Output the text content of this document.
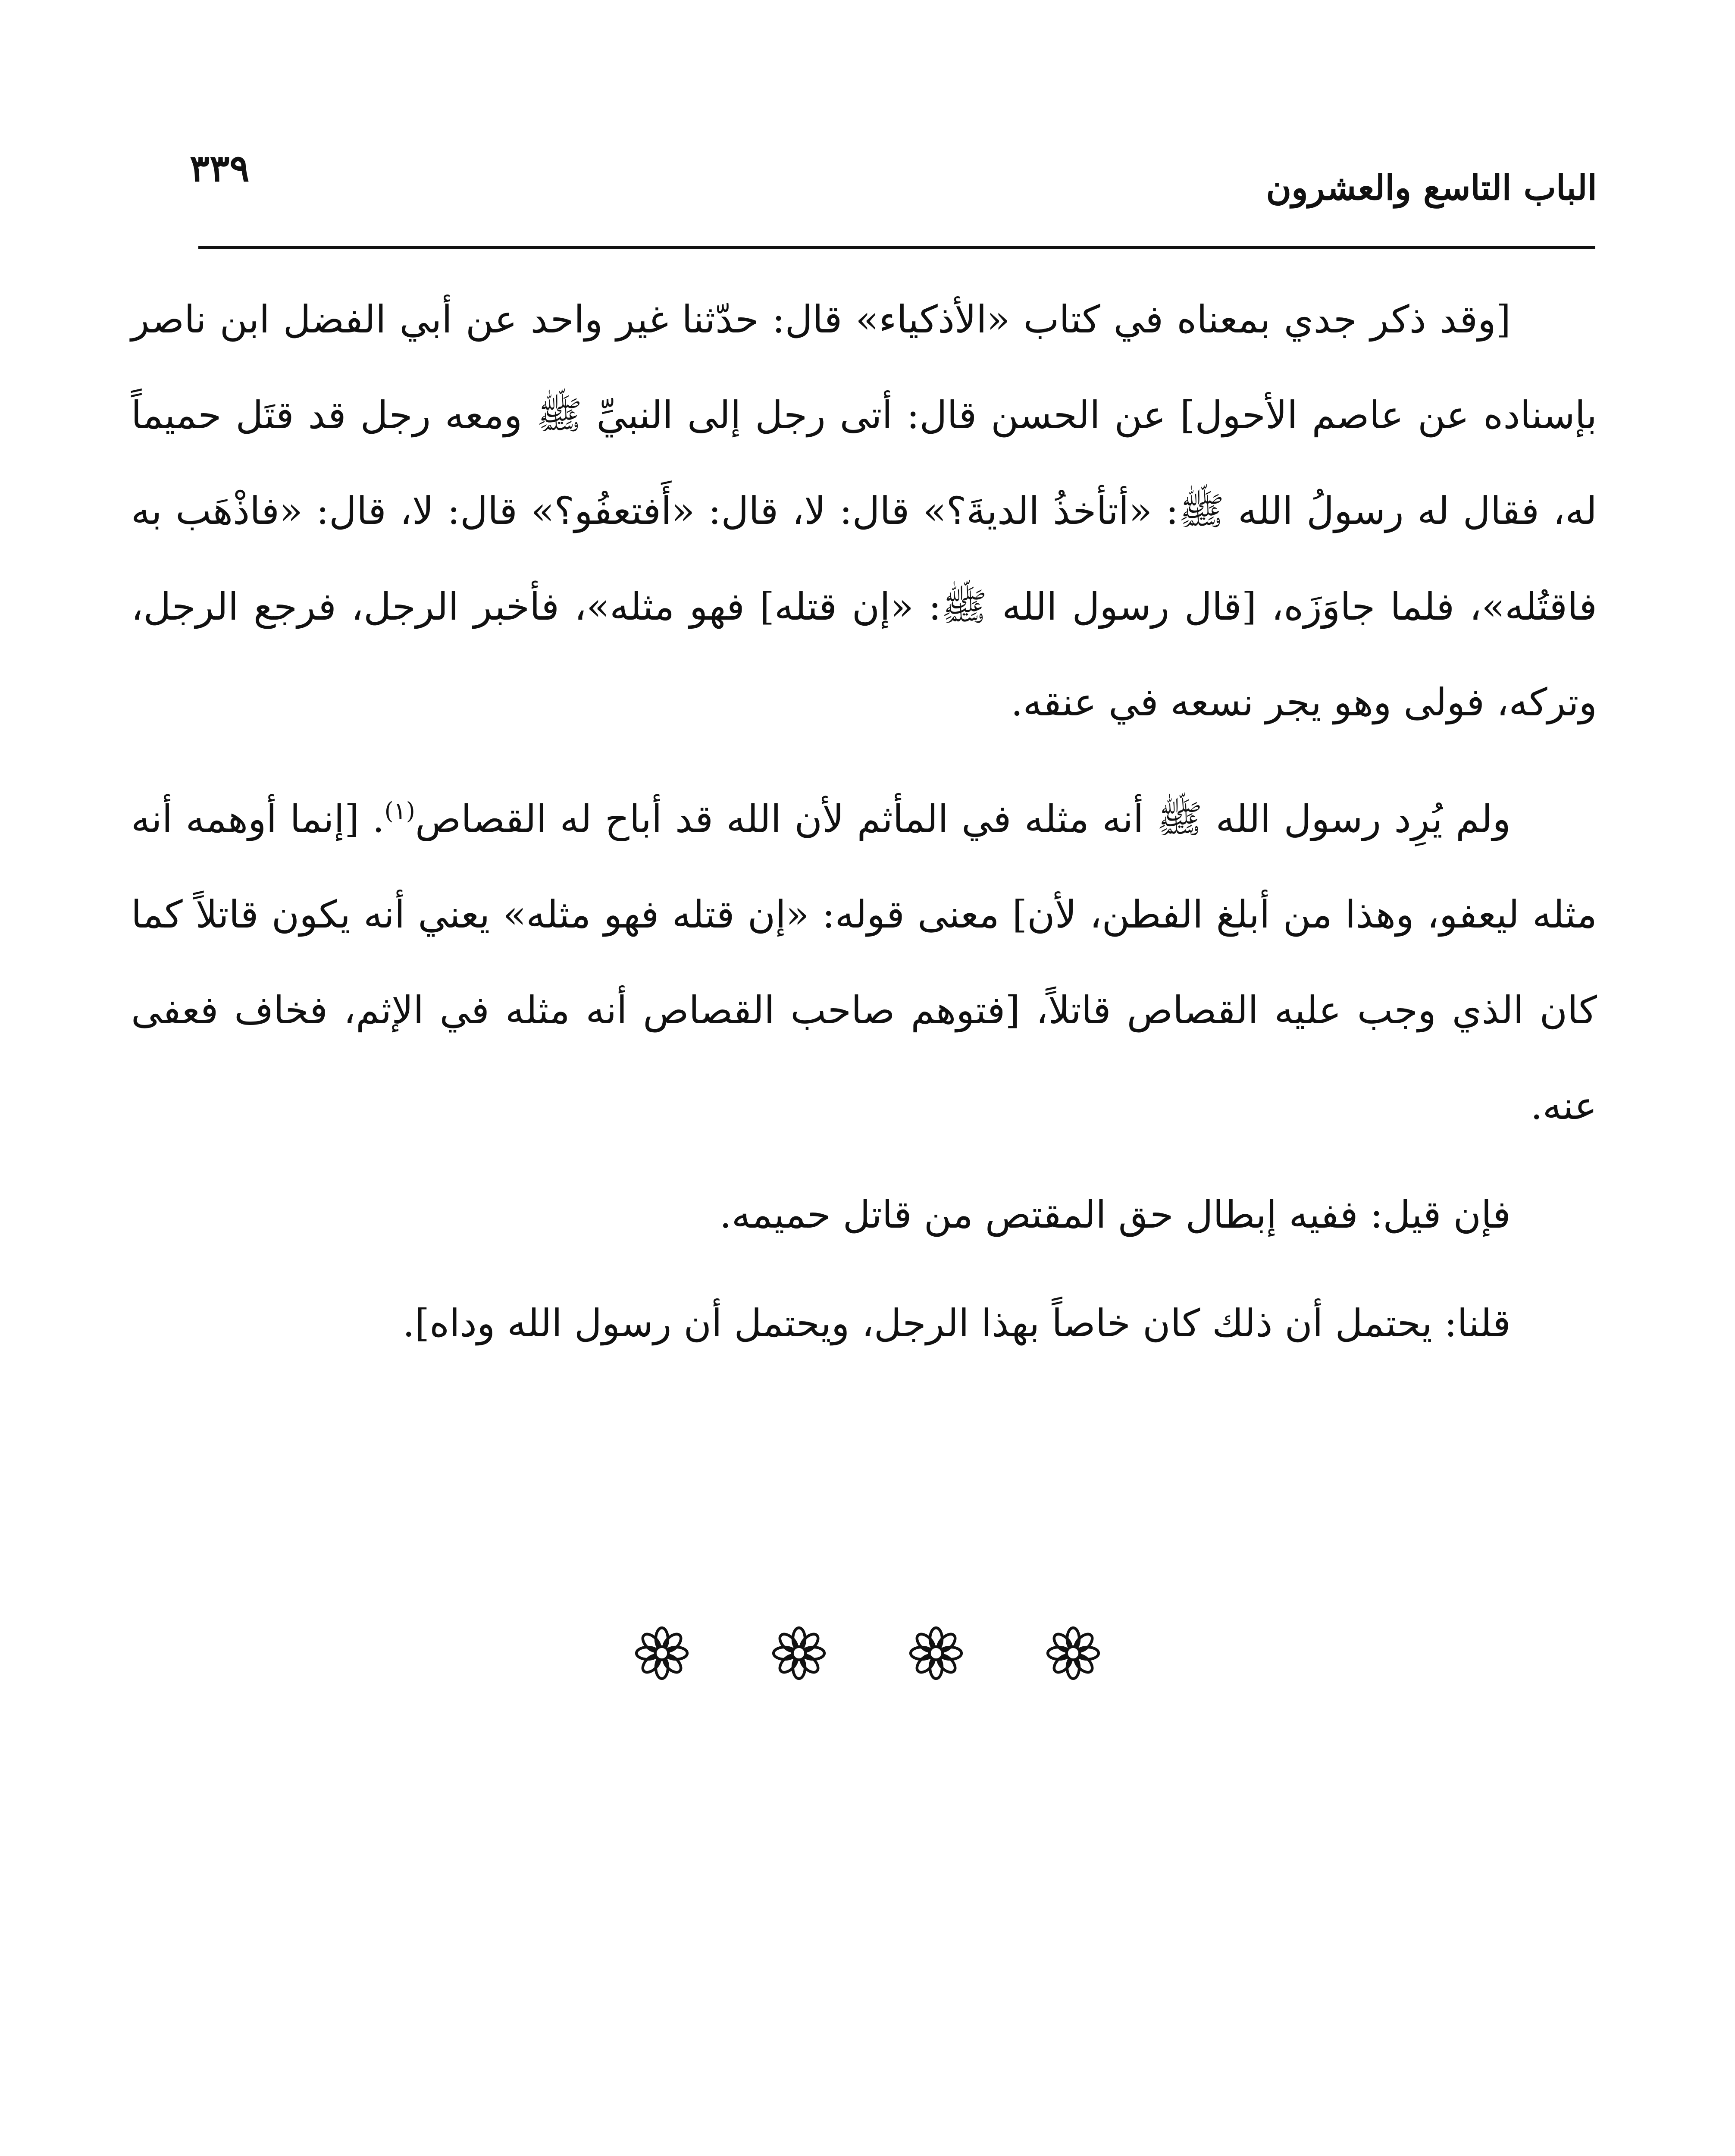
الباب التاسع والعشرون
٣٣٩

[وقد ذكر جدي بمعناه في كتاب «الأذكياء» قال: حدّثنا غير واحد عن أبي الفضل ابن ناصر بإسناده عن عاصم الأحول] عن الحسن قال: أتى رجل إلى النبيِّ ﷺ ومعه رجل قد قتَل حميماً له، فقال له رسولُ الله ﷺ: «أتأخذُ الديةَ؟» قال: لا، قال: «أَفتعفُو؟» قال: لا، قال: «فاذْهَب به فاقتُله»، فلما جاوَزَه، [قال رسول الله ﷺ: «إن قتله] فهو مثله»، فأخبر الرجل، فرجع الرجل، وتركه، فولى وهو يجر نسعه في عنقه.

ولم يُرِد رسول الله ﷺ أنه مثله في المأثم لأن الله قد أباح له القصاص$^{(١)}$. [إنما أوهمه أنه مثله ليعفو، وهذا من أبلغ الفطن، لأن] معنى قوله: «إن قتله فهو مثله» يعني أنه يكون قاتلاً كما كان الذي وجب عليه القصاص قاتلاً، [فتوهم صاحب القصاص أنه مثله في الإثم، فخاف فعفى عنه.

فإن قيل: ففيه إبطال حق المقتص من قاتل حميمه.

قلنا: يحتمل أن ذلك كان خاصاً بهذا الرجل، ويحتمل أن رسول الله وداه].
